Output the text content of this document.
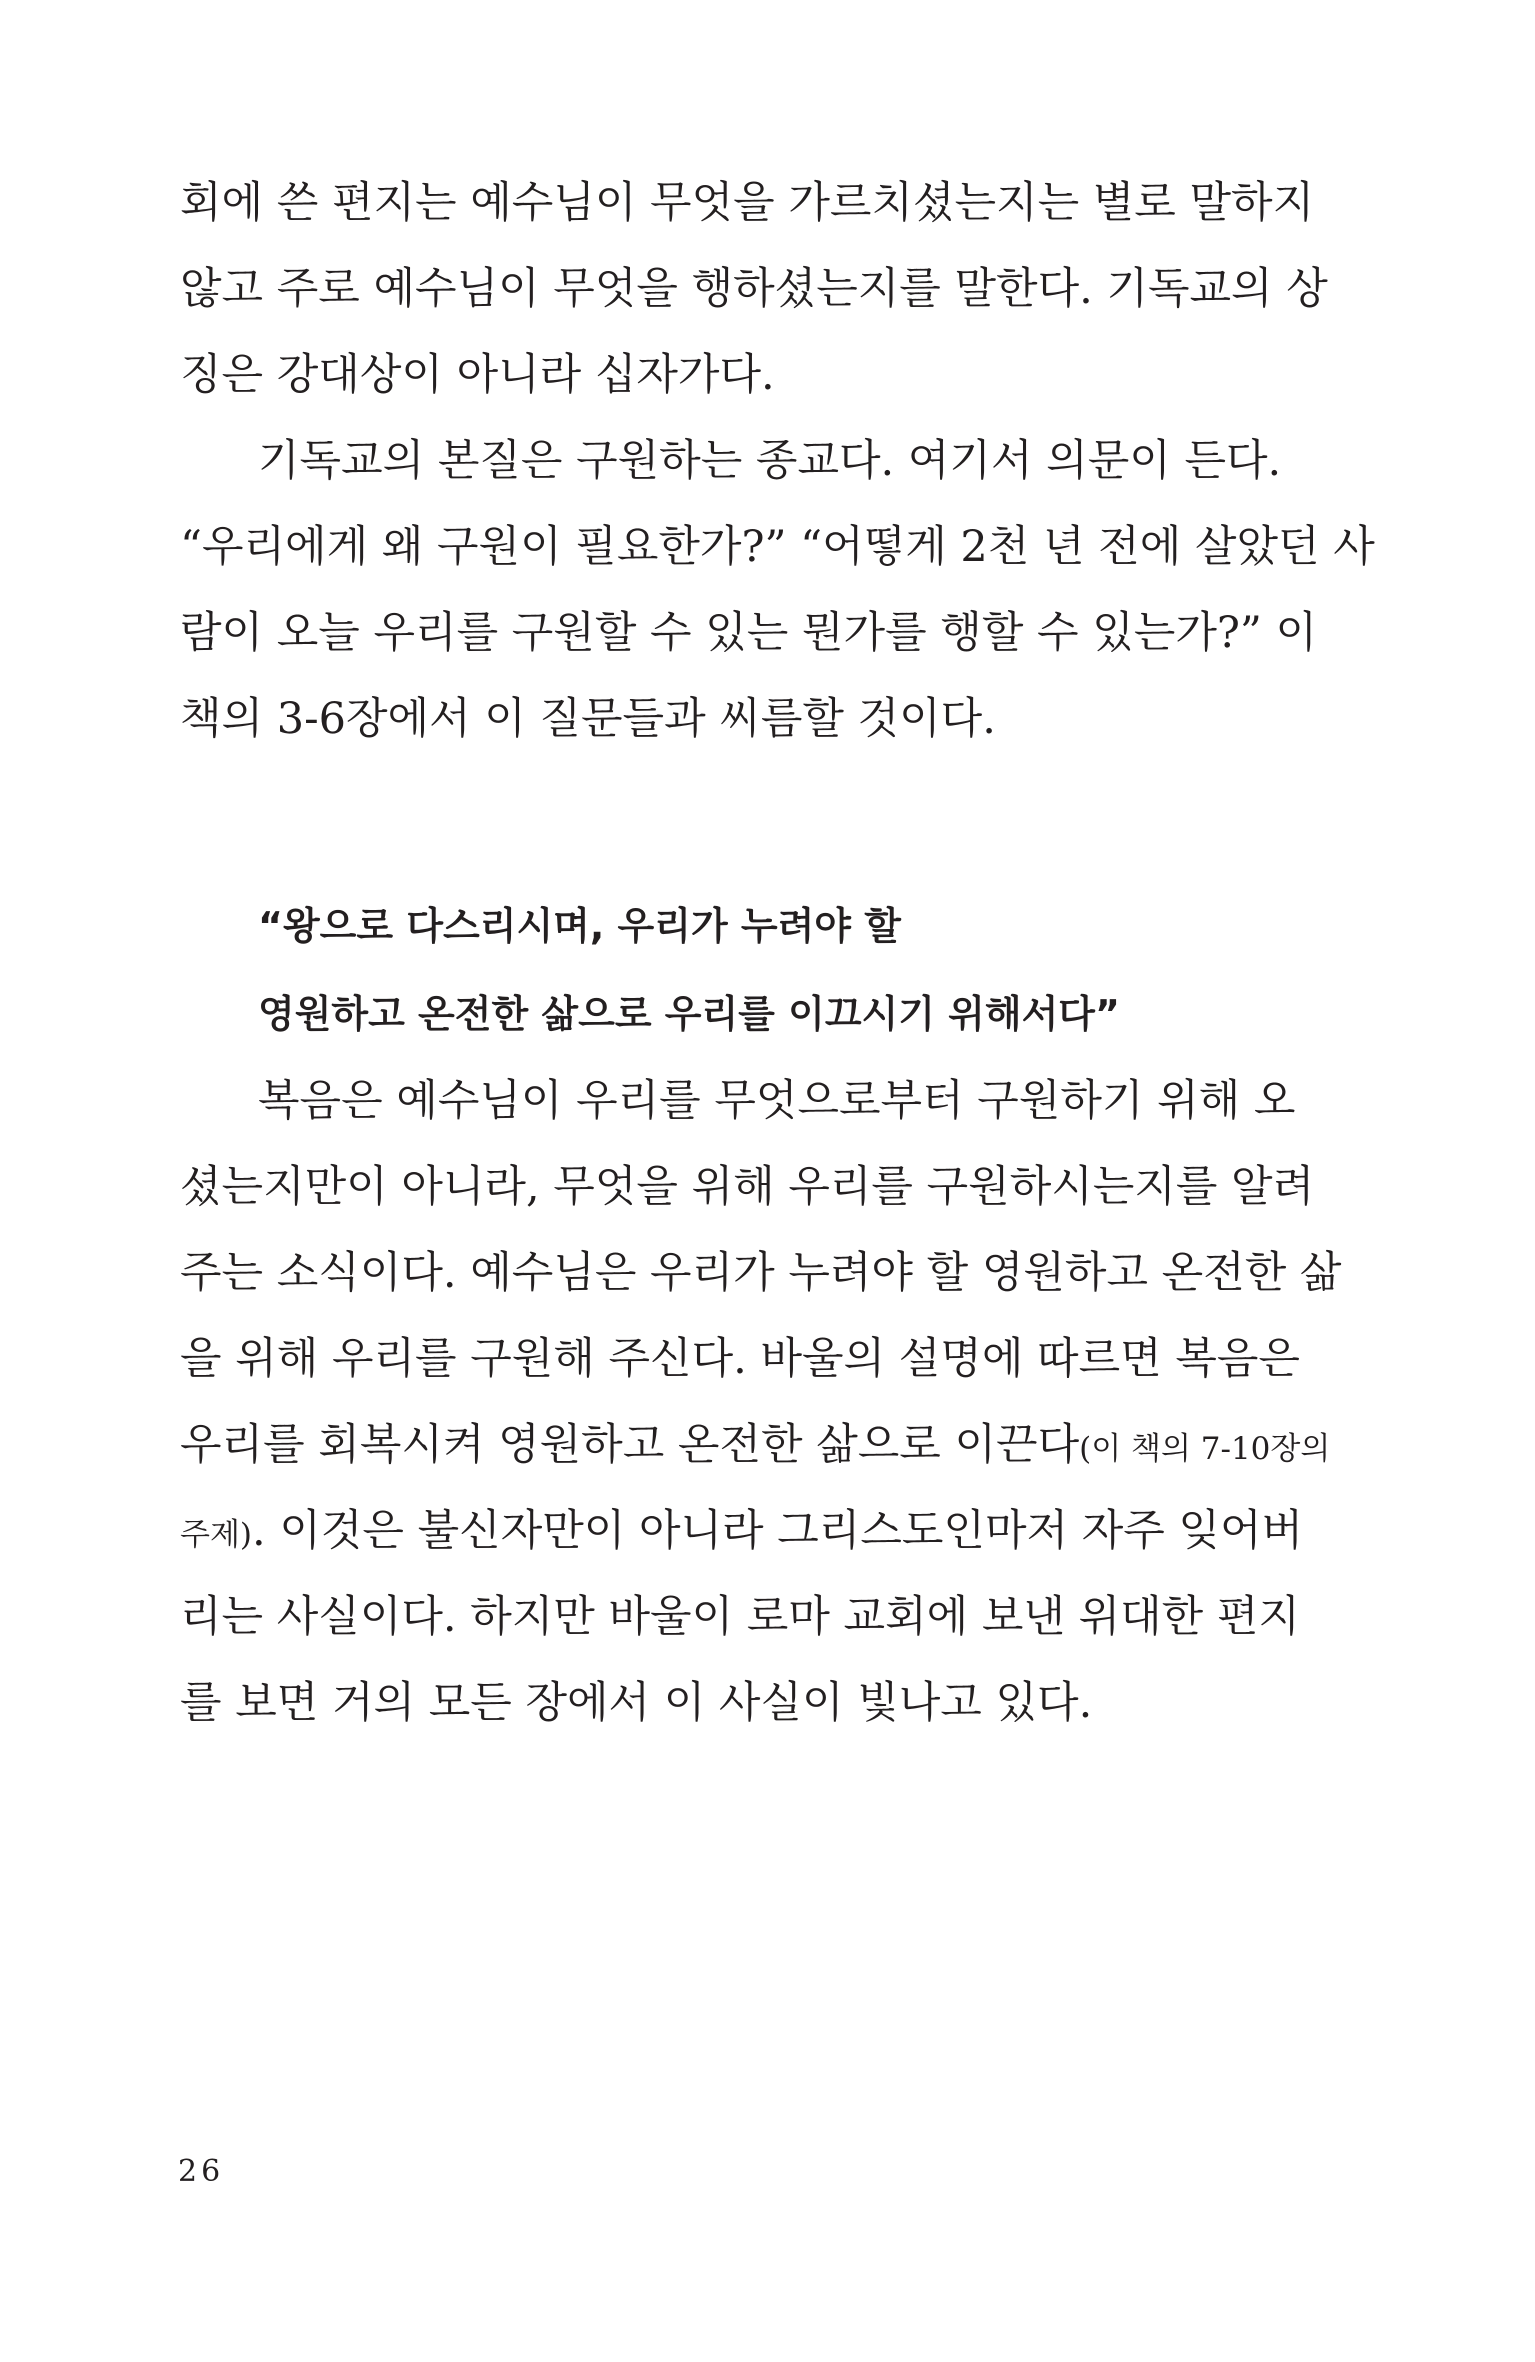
회에 쓴 편지는 예수님이 무엇을 가르치셨는지는 별로 말하지
않고 주로 예수님이 무엇을 행하셨는지를 말한다. 기독교의 상
징은 강대상이 아니라 십자가다.
기독교의 본질은 구원하는 종교다. 여기서 의문이 든다.
“우리에게 왜 구원이 필요한가?” “어떻게 2천 년 전에 살았던 사
람이 오늘 우리를 구원할 수 있는 뭔가를 행할 수 있는가?” 이
책의 3-6장에서 이 질문들과 씨름할 것이다.
“왕으로 다스리시며, 우리가 누려야 할
영원하고 온전한 삶으로 우리를 이끄시기 위해서다”
복음은 예수님이 우리를 무엇으로부터 구원하기 위해 오
셨는지만이 아니라, 무엇을 위해 우리를 구원하시는지를 알려
주는 소식이다. 예수님은 우리가 누려야 할 영원하고 온전한 삶
을 위해 우리를 구원해 주신다. 바울의 설명에 따르면 복음은
우리를 회복시켜 영원하고 온전한 삶으로 이끈다(이 책의 7-10장의
주제). 이것은 불신자만이 아니라 그리스도인마저 자주 잊어버
리는 사실이다. 하지만 바울이 로마 교회에 보낸 위대한 편지
를 보면 거의 모든 장에서 이 사실이 빛나고 있다.
26
